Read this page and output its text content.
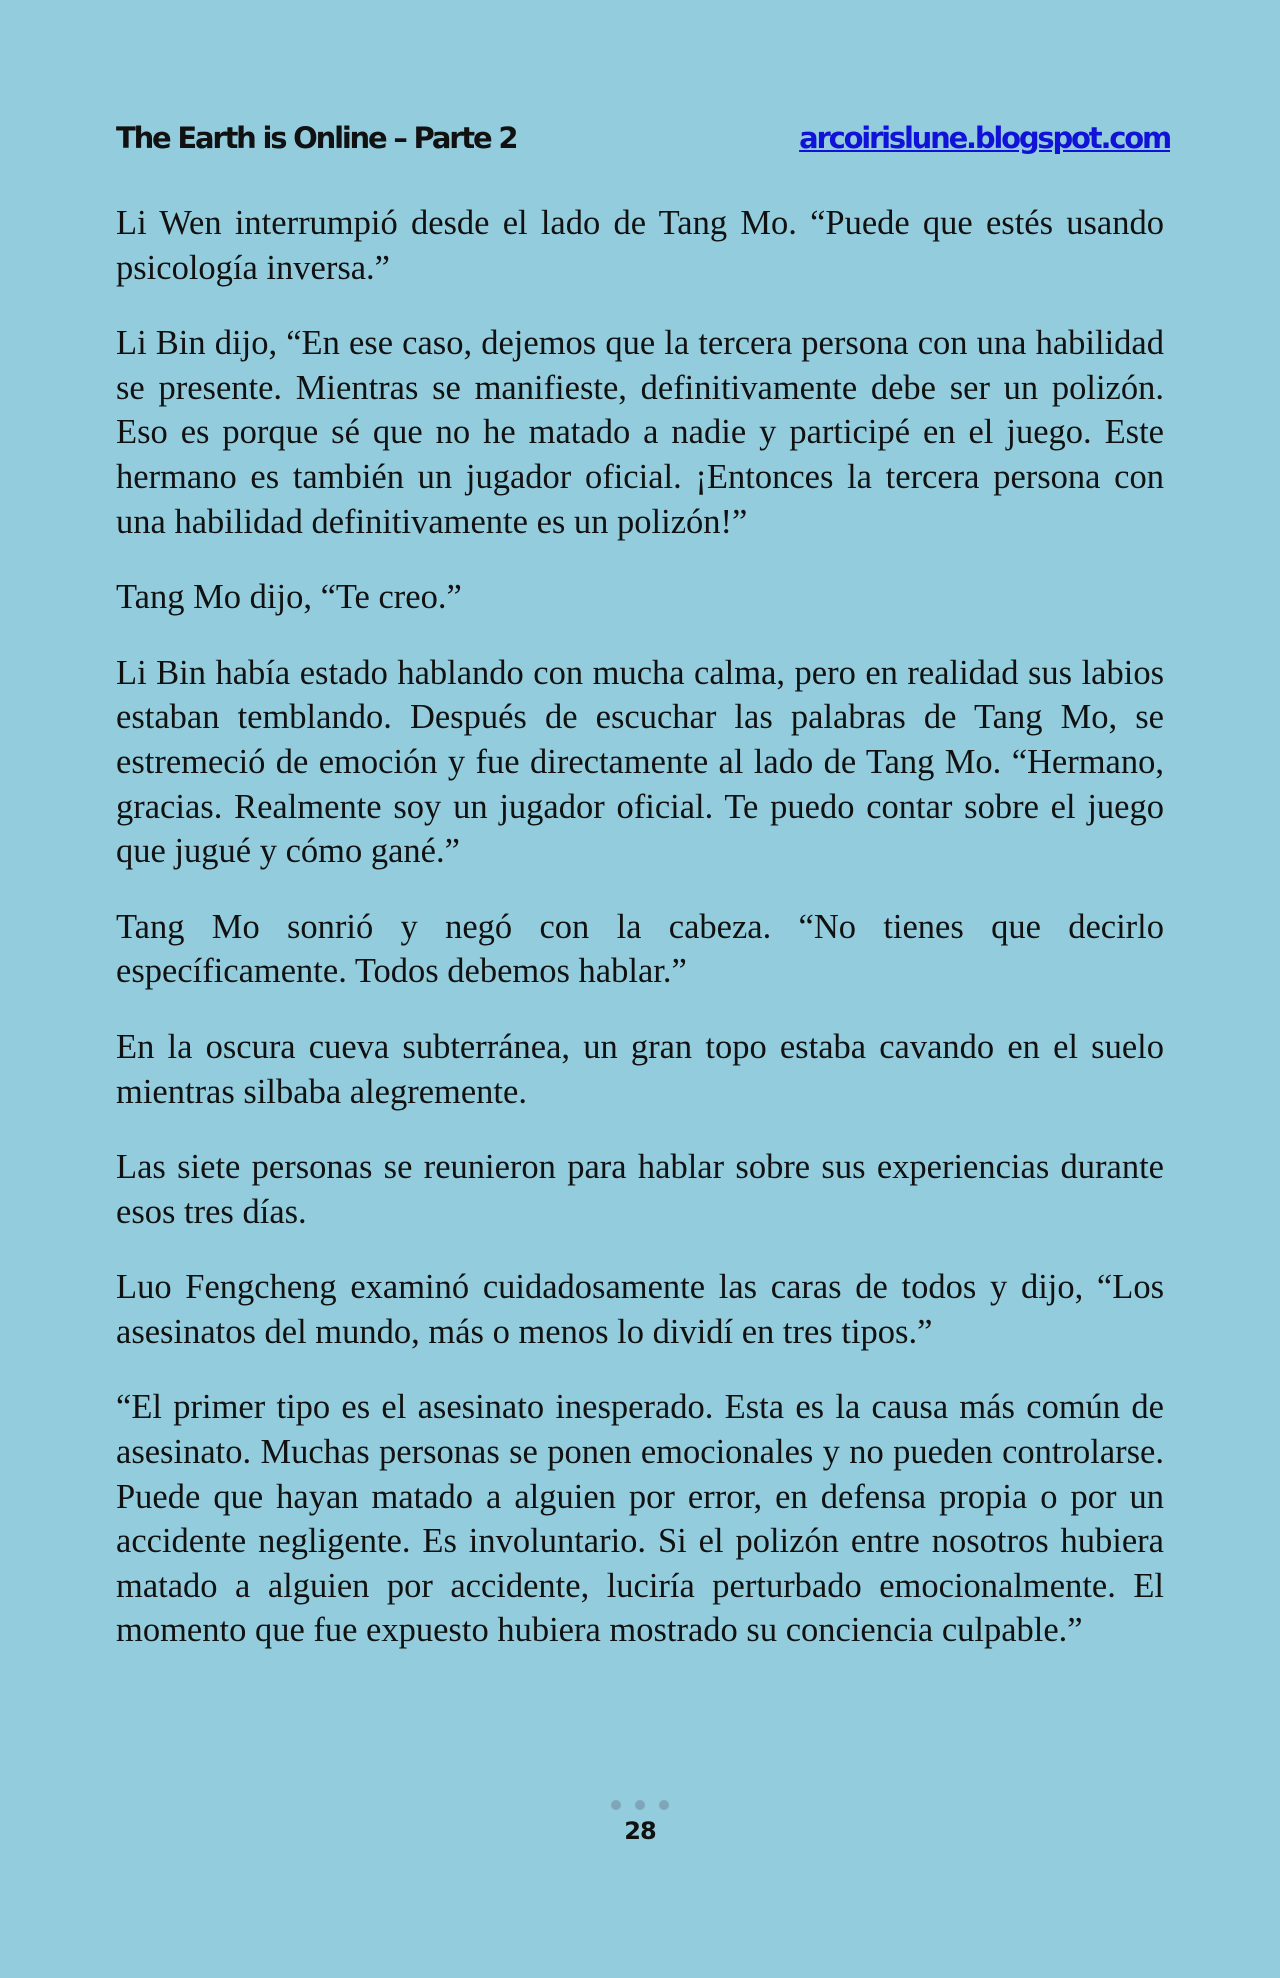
The Earth is Online – Parte 2	arcoirislune.blogspot.com

Li Wen interrumpió desde el lado de Tang Mo. “Puede que estés usando psicología inversa.”

Li Bin dijo, “En ese caso, dejemos que la tercera persona con una habilidad se presente. Mientras se manifieste, definitivamente debe ser un polizón. Eso es porque sé que no he matado a nadie y participé en el juego. Este hermano es también un jugador oficial. ¡Entonces la tercera persona con una habilidad definitivamente es un polizón!”

Tang Mo dijo, “Te creo.”

Li Bin había estado hablando con mucha calma, pero en realidad sus labios estaban temblando. Después de escuchar las palabras de Tang Mo, se estremeció de emoción y fue directamente al lado de Tang Mo. “Hermano, gracias. Realmente soy un jugador oficial. Te puedo contar sobre el juego que jugué y cómo gané.”

Tang Mo sonrió y negó con la cabeza. “No tienes que decirlo específicamente. Todos debemos hablar.”

En la oscura cueva subterránea, un gran topo estaba cavando en el suelo mientras silbaba alegremente.

Las siete personas se reunieron para hablar sobre sus experiencias durante esos tres días.

Luo Fengcheng examinó cuidadosamente las caras de todos y dijo, “Los asesinatos del mundo, más o menos lo dividí en tres tipos.”

“El primer tipo es el asesinato inesperado. Esta es la causa más común de asesinato. Muchas personas se ponen emocionales y no pueden controlarse. Puede que hayan matado a alguien por error, en defensa propia o por un accidente negligente. Es involuntario. Si el polizón entre nosotros hubiera matado a alguien por accidente, luciría perturbado emocionalmente. El momento que fue expuesto hubiera mostrado su conciencia culpable.”

28
